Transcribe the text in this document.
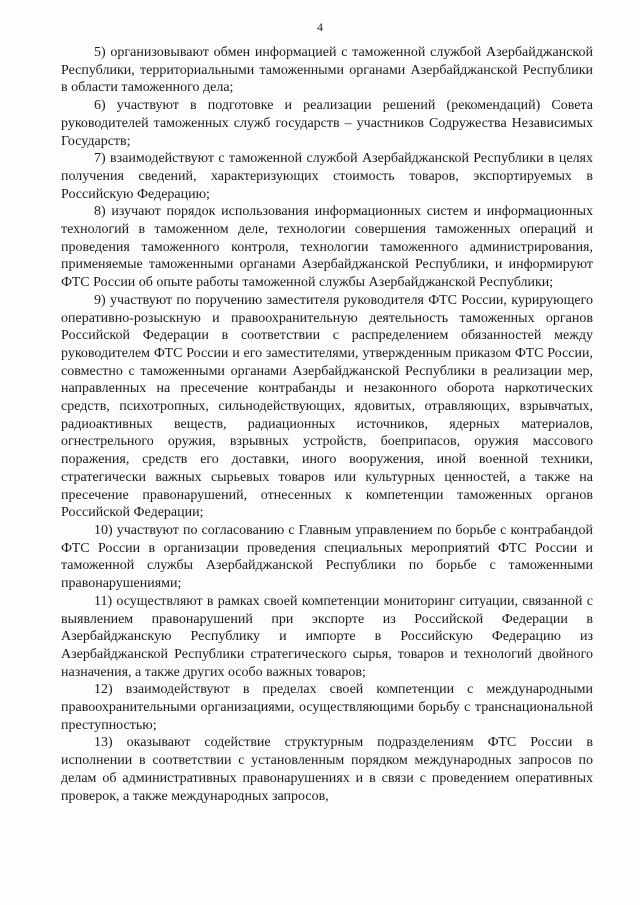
4

5) организовывают обмен информацией с таможенной службой Азербайджанской Республики, территориальными таможенными органами Азербайджанской Республики в области таможенного дела;

6) участвуют в подготовке и реализации решений (рекомендаций) Совета руководителей таможенных служб государств – участников Содружества Независимых Государств;

7) взаимодействуют с таможенной службой Азербайджанской Республики в целях получения сведений, характеризующих стоимость товаров, экспортируемых в Российскую Федерацию;

8) изучают порядок использования информационных систем и информационных технологий в таможенном деле, технологии совершения таможенных операций и проведения таможенного контроля, технологии таможенного администрирования, применяемые таможенными органами Азербайджанской Республики, и информируют ФТС России об опыте работы таможенной службы Азербайджанской Республики;

9) участвуют по поручению заместителя руководителя ФТС России, курирующего оперативно-розыскную и правоохранительную деятельность таможенных органов Российской Федерации в соответствии с распределением обязанностей между руководителем ФТС России и его заместителями, утвержденным приказом ФТС России, совместно с таможенными органами Азербайджанской Республики в реализации мер, направленных на пресечение контрабанды и незаконного оборота наркотических средств, психотропных, сильнодействующих, ядовитых, отравляющих, взрывчатых, радиоактивных веществ, радиационных источников, ядерных материалов, огнестрельного оружия, взрывных устройств, боеприпасов, оружия массового поражения, средств его доставки, иного вооружения, иной военной техники, стратегически важных сырьевых товаров или культурных ценностей, а также на пресечение правонарушений, отнесенных к компетенции таможенных органов Российской Федерации;

10) участвуют по согласованию с Главным управлением по борьбе с контрабандой ФТС России в организации проведения специальных мероприятий ФТС России и таможенной службы Азербайджанской Республики по борьбе с таможенными правонарушениями;

11) осуществляют в рамках своей компетенции мониторинг ситуации, связанной с выявлением правонарушений при экспорте из Российской Федерации в Азербайджанскую Республику и импорте в Российскую Федерацию из Азербайджанской Республики стратегического сырья, товаров и технологий двойного назначения, а также других особо важных товаров;

12) взаимодействуют в пределах своей компетенции с международными правоохранительными организациями, осуществляющими борьбу с транснациональной преступностью;

13) оказывают содействие структурным подразделениям ФТС России в исполнении в соответствии с установленным порядком международных запросов по делам об административных правонарушениях и в связи с проведением оперативных проверок, а также международных запросов,
